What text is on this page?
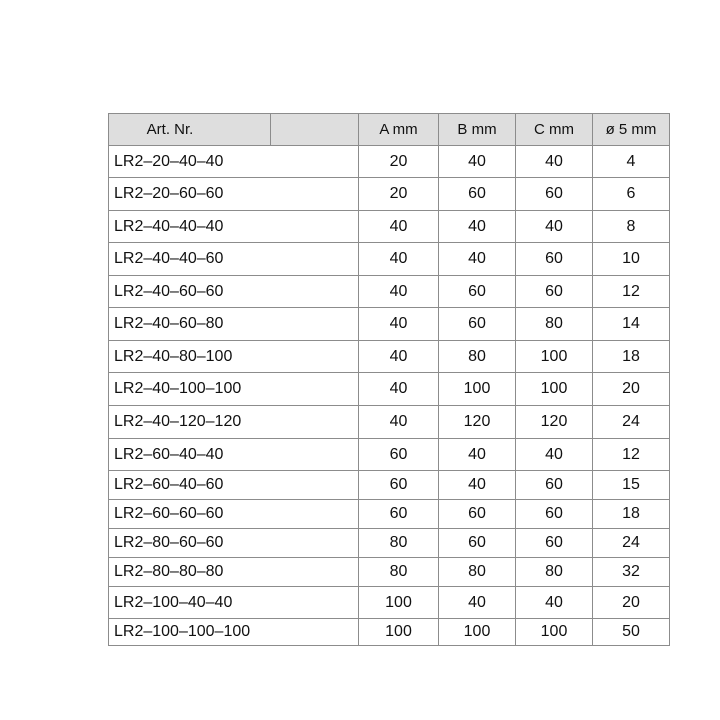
Art. Nr.		A mm	B mm	C mm	ø 5 mm
LR2–20–40–40		20	40	40	4
LR2–20–60–60		20	60	60	6
LR2–40–40–40		40	40	40	8
LR2–40–40–60		40	40	60	10
LR2–40–60–60		40	60	60	12
LR2–40–60–80		40	60	80	14
LR2–40–80–100		40	80	100	18
LR2–40–100–100		40	100	100	20
LR2–40–120–120		40	120	120	24
LR2–60–40–40		60	40	40	12
LR2–60–40–60		60	40	60	15
LR2–60–60–60		60	60	60	18
LR2–80–60–60		80	60	60	24
LR2–80–80–80		80	80	80	32
LR2–100–40–40		100	40	40	20
LR2–100–100–100		100	100	100	50
